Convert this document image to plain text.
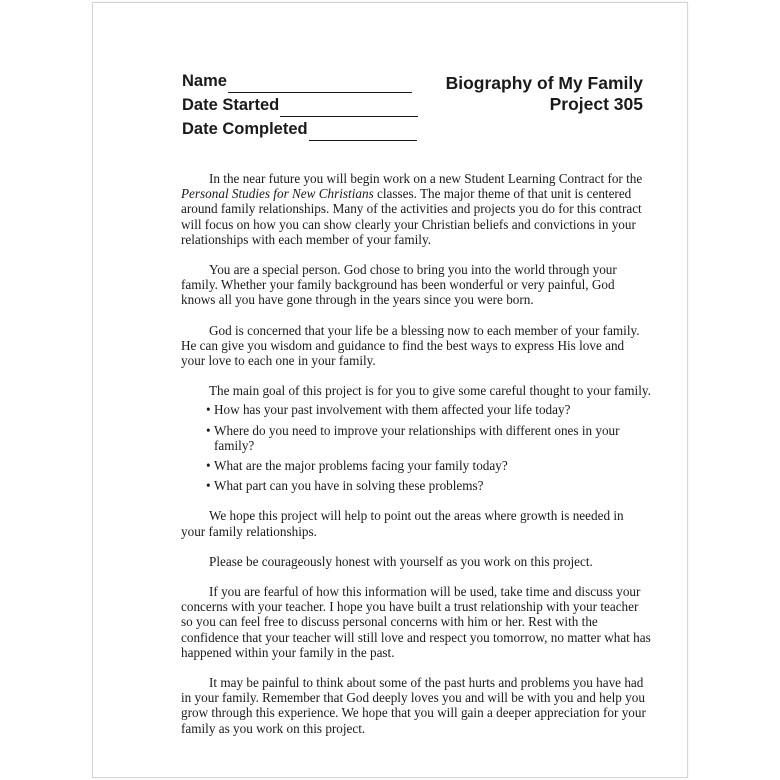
Name
Date Started
Date Completed
Biography of My Family
Project 305

In the near future you will begin work on a new Student Learning Contract for the Personal Studies for New Christians classes. The major theme of that unit is centered around family relationships. Many of the activities and projects you do for this contract will focus on how you can show clearly your Christian beliefs and convictions in your relationships with each member of your family.

You are a special person. God chose to bring you into the world through your family. Whether your family background has been wonderful or very painful, God knows all you have gone through in the years since you were born.

God is concerned that your life be a blessing now to each member of your family. He can give you wisdom and guidance to find the best ways to express His love and your love to each one in your family.

The main goal of this project is for you to give some careful thought to your family.

• How has your past involvement with them affected your life today?
• Where do you need to improve your relationships with different ones in your family?
• What are the major problems facing your family today?
• What part can you have in solving these problems?

We hope this project will help to point out the areas where growth is needed in your family relationships.

Please be courageously honest with yourself as you work on this project.

If you are fearful of how this information will be used, take time and discuss your concerns with your teacher. I hope you have built a trust relationship with your teacher so you can feel free to discuss personal concerns with him or her. Rest with the confidence that your teacher will still love and respect you tomorrow, no matter what has happened within your family in the past.

It may be painful to think about some of the past hurts and problems you have had in your family. Remember that God deeply loves you and will be with you and help you grow through this experience. We hope that you will gain a deeper appreciation for your family as you work on this project.
